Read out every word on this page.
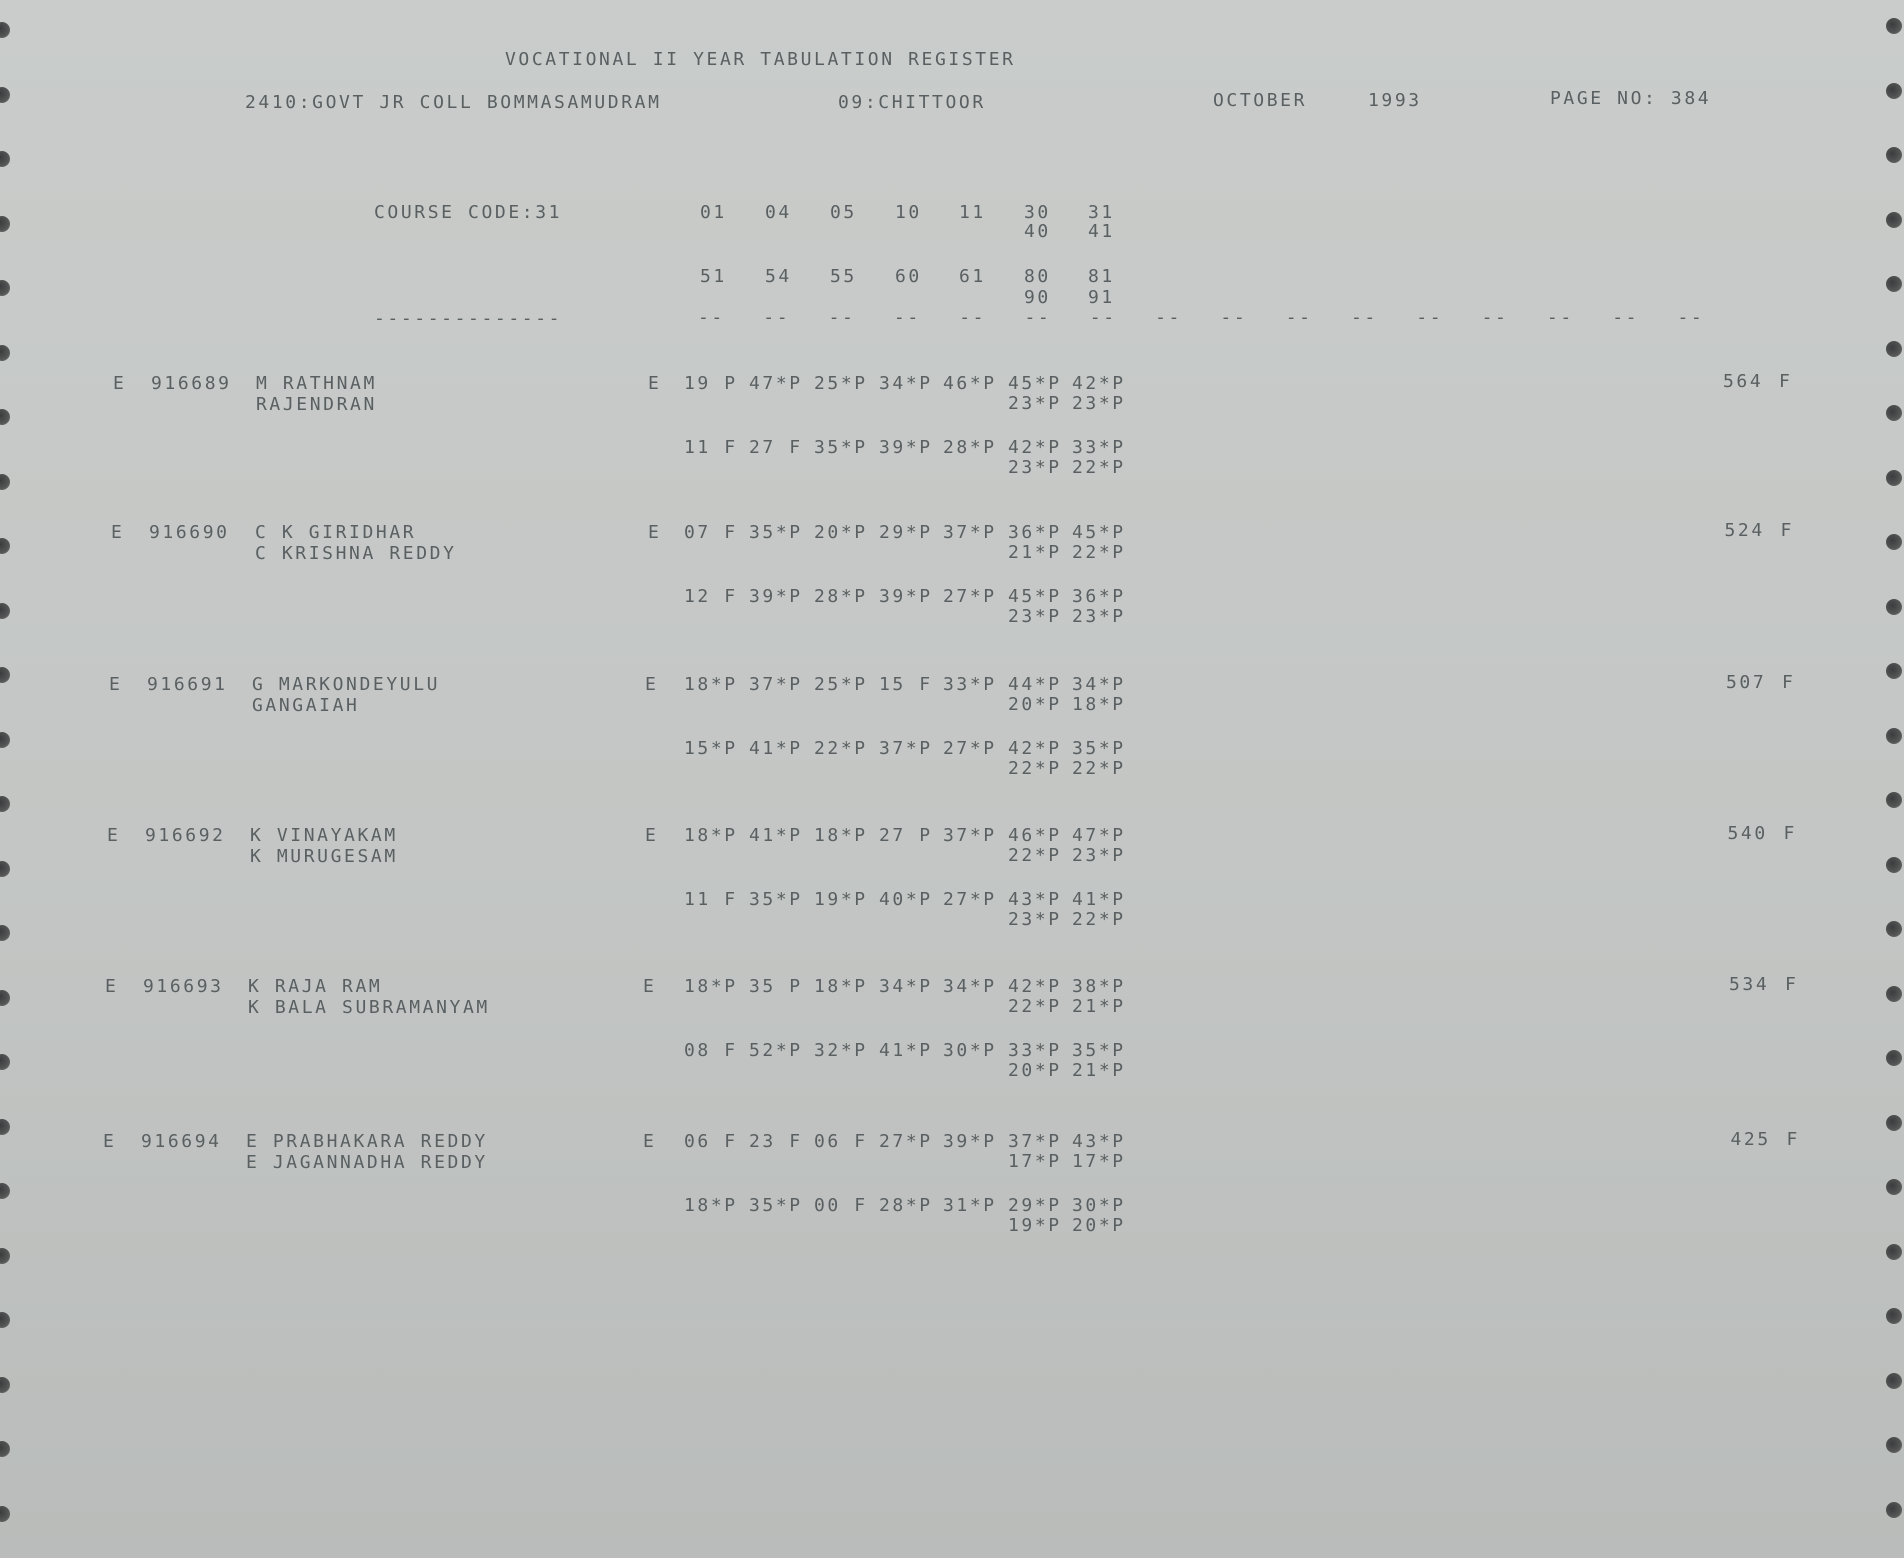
VOCATIONAL II YEAR TABULATION REGISTER
2410:GOVT JR COLL BOMMASAMUDRAM	09:CHITTOOR	OCTOBER	1993	PAGE NO: 384
COURSE CODE:31	01 04 05 10 11 30 31
40 41
51 54 55 60 61 80 81
90 91
--------------	-- -- -- -- -- -- -- -- -- -- -- -- -- -- -- --
E 916689 M RATHNAM
RAJENDRAN
E 19 P 47*P 25*P 34*P 46*P 45*P 42*P
23*P 23*P
11 F 27 F 35*P 39*P 28*P 42*P 33*P
23*P 22*P
564 F
E 916690 C K GIRIDHAR
C KRISHNA REDDY
E 07 F 35*P 20*P 29*P 37*P 36*P 45*P
21*P 22*P
12 F 39*P 28*P 39*P 27*P 45*P 36*P
23*P 23*P
524 F
E 916691 G MARKONDEYULU
GANGAIAH
E 18*P 37*P 25*P 15 F 33*P 44*P 34*P
20*P 18*P
15*P 41*P 22*P 37*P 27*P 42*P 35*P
22*P 22*P
507 F
E 916692 K VINAYAKAM
K MURUGESAM
E 18*P 41*P 18*P 27 P 37*P 46*P 47*P
22*P 23*P
11 F 35*P 19*P 40*P 27*P 43*P 41*P
23*P 22*P
540 F
E 916693 K RAJA RAM
K BALA SUBRAMANYAM
E 18*P 35 P 18*P 34*P 34*P 42*P 38*P
22*P 21*P
08 F 52*P 32*P 41*P 30*P 33*P 35*P
20*P 21*P
534 F
E 916694 E PRABHAKARA REDDY
E JAGANNADHA REDDY
E 06 F 23 F 06 F 27*P 39*P 37*P 43*P
17*P 17*P
18*P 35*P 00 F 28*P 31*P 29*P 30*P
19*P 20*P
425 F
